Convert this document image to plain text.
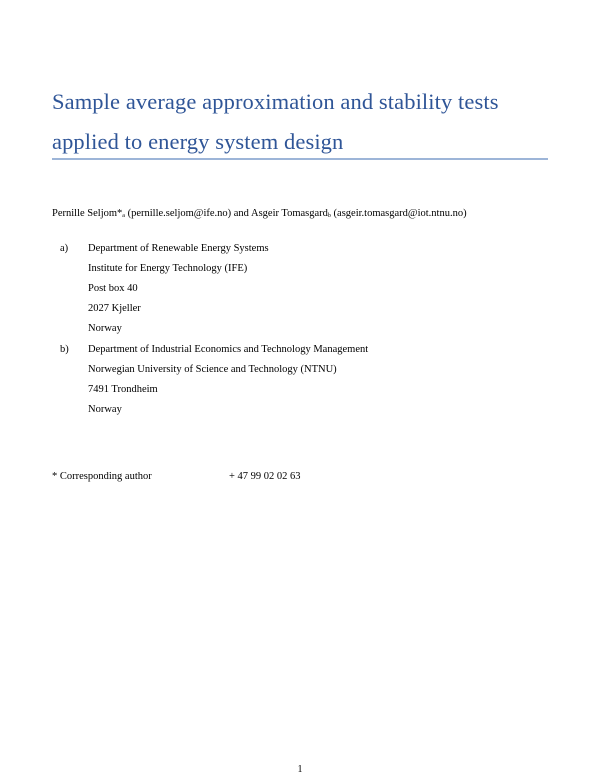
Sample average approximation and stability tests
applied to energy system design
Pernille $Seljom*_a$ (pernille.seljom@ife.no) and Asgeir Tomasgard$_b$ (asgeir.tomasgard@iot.ntnu.no)
a) Department of Renewable Energy Systems
Institute for Energy Technology (IFE)
Post box 40
2027 Kjeller
Norway
b) Department of Industrial Economics and Technology Management
Norwegian University of Science and Technology (NTNU)
7491 Trondheim
Norway
* Corresponding author	+ 47 99 02 02 63
1
